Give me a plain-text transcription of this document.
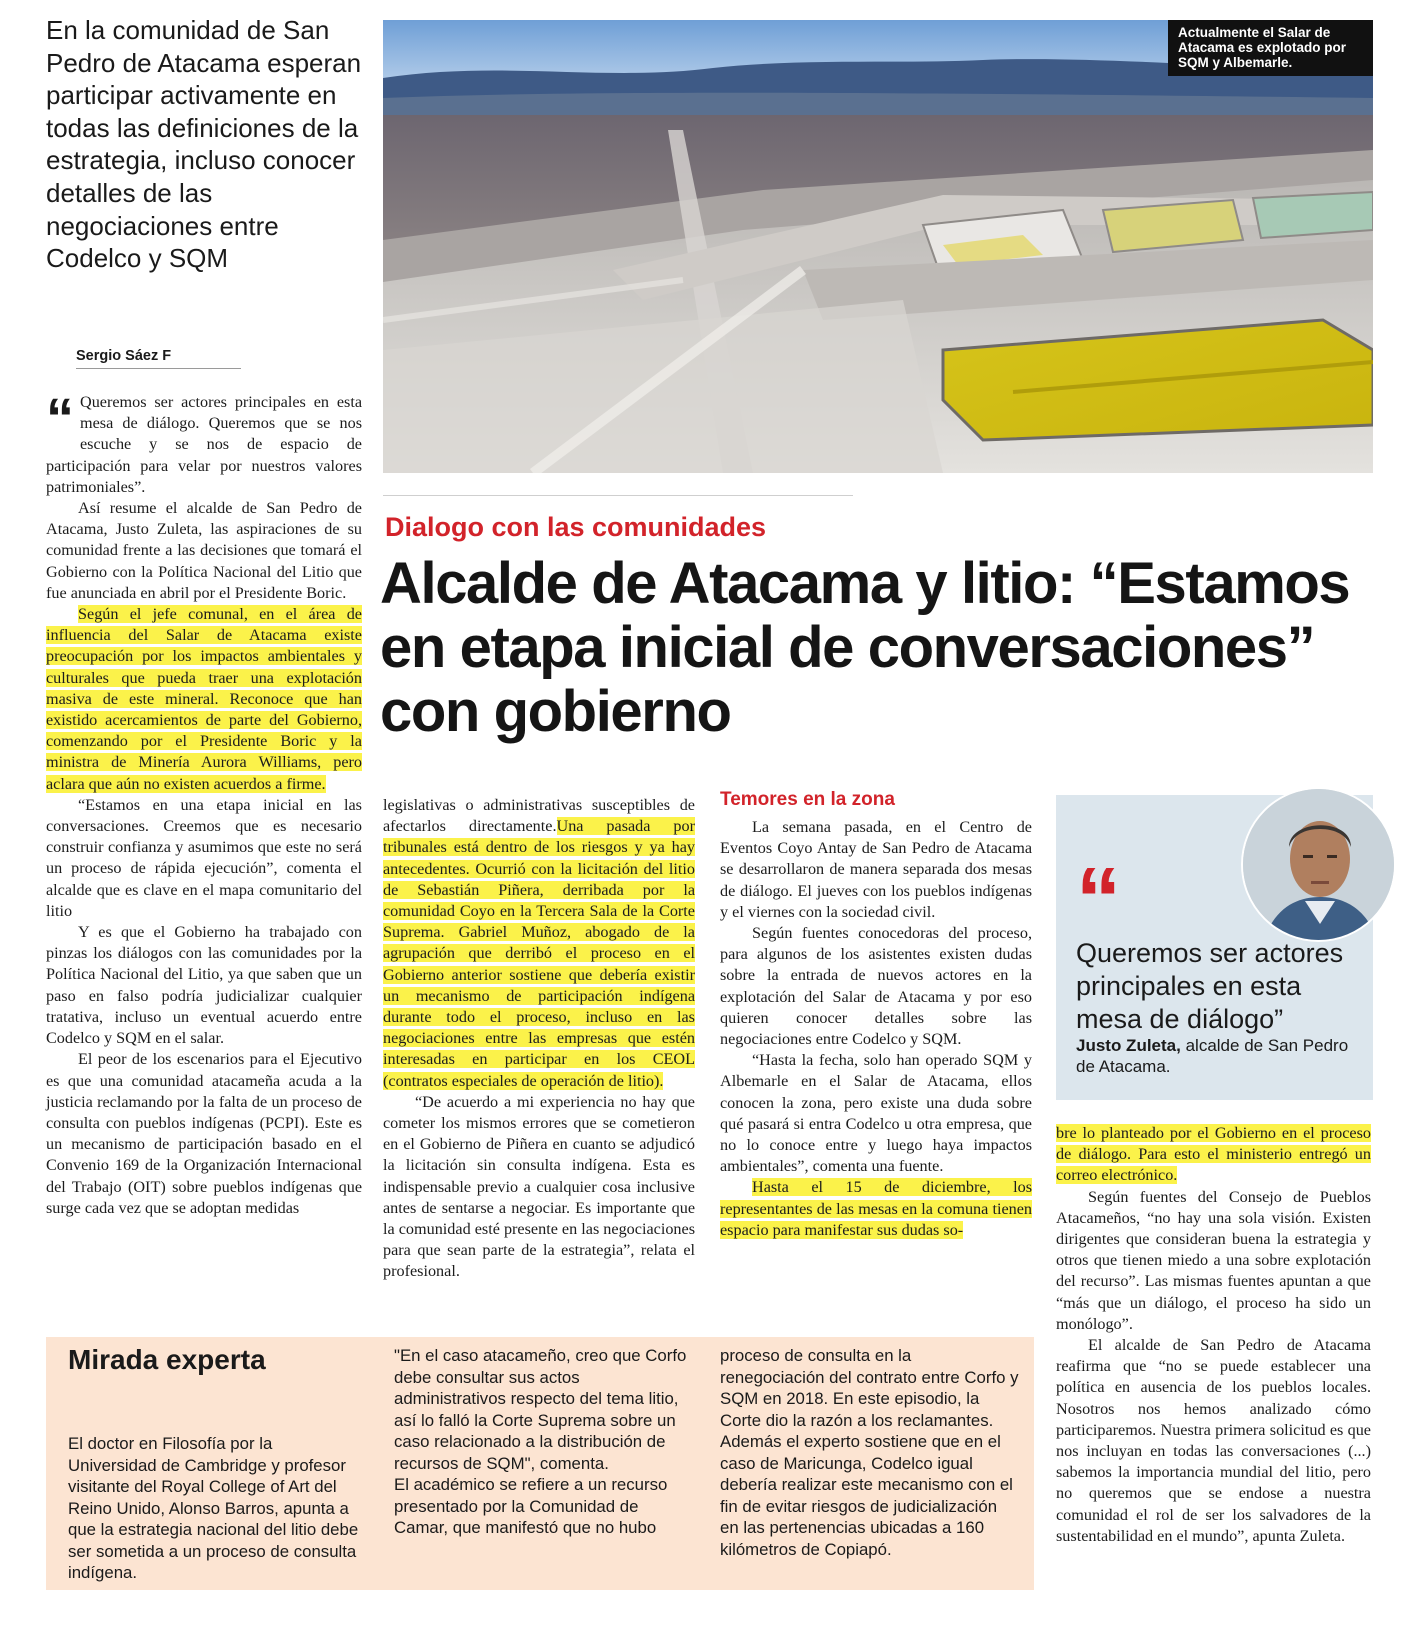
En la comunidad de San Pedro de Atacama esperan participar activamente en todas las definiciones de la estrategia, incluso conocer detalles de las negociaciones entre Codelco y SQM
Sergio Sáez F

“ Queremos ser actores principales en esta mesa de diálogo. Queremos que se nos escuche y se nos de espacio de participación para velar por nuestros valores patrimoniales”.

Así resume el alcalde de San Pedro de Atacama, Justo Zuleta, las aspiraciones de su comunidad frente a las decisiones que tomará el Gobierno con la Política Nacional del Litio que fue anunciada en abril por el Presidente Boric.

Según el jefe comunal, en el área de influencia del Salar de Atacama existe preocupación por los impactos ambientales y culturales que pueda traer una explotación masiva de este mineral. Reconoce que han existido acercamientos de parte del Gobierno, comenzando por el Presidente Boric y la ministra de Minería Aurora Williams, pero aclara que aún no existen acuerdos a firme.

“Estamos en una etapa inicial en las conversaciones. Creemos que es necesario construir confianza y asumimos que este no será un proceso de rápida ejecución”, comenta el alcalde que es clave en el mapa comunitario del litio

Y es que el Gobierno ha trabajado con pinzas los diálogos con las comunidades por la Política Nacional del Litio, ya que saben que un paso en falso podría judicializar cualquier tratativa, incluso un eventual acuerdo entre Codelco y SQM en el salar.

El peor de los escenarios para el Ejecutivo es que una comunidad atacameña acuda a la justicia reclamando por la falta de un proceso de consulta con pueblos indígenas (PCPI). Este es un mecanismo de participación basado en el Convenio 169 de la Organización Internacional del Trabajo (OIT) sobre pueblos indígenas que surge cada vez que se adoptan medidas

Actualmente el Salar de Atacama es explotado por SQM y Albemarle.
Dialogo con las comunidades
Alcalde de Atacama y litio: “Estamos en etapa inicial de conversaciones” con gobierno

legislativas o administrativas susceptibles de afectarlos directamente.Una pasada por tribunales está dentro de los riesgos y ya hay antecedentes. Ocurrió con la licitación del litio de Sebastián Piñera, derribada por la comunidad Coyo en la Tercera Sala de la Corte Suprema. Gabriel Muñoz, abogado de la agrupación que derribó el proceso en el Gobierno anterior sostiene que debería existir un mecanismo de participación indígena durante todo el proceso, incluso en las negociaciones entre las empresas que estén interesadas en participar en los CEOL (contratos especiales de operación de litio).

“De acuerdo a mi experiencia no hay que cometer los mismos errores que se cometieron en el Gobierno de Piñera en cuanto se adjudicó la licitación sin consulta indígena. Esta es indispensable previo a cualquier cosa inclusive antes de sentarse a negociar. Es importante que la comunidad esté presente en las negociaciones para que sean parte de la estrategia”, relata el profesional.

Temores en la zona

La semana pasada, en el Centro de Eventos Coyo Antay de San Pedro de Atacama se desarrollaron de manera separada dos mesas de diálogo. El jueves con los pueblos indígenas y el viernes con la sociedad civil.

Según fuentes conocedoras del proceso, para algunos de los asistentes existen dudas sobre la entrada de nuevos actores en la explotación del Salar de Atacama y por eso quieren conocer detalles sobre las negociaciones entre Codelco y SQM.

“Hasta la fecha, solo han operado SQM y Albemarle en el Salar de Atacama, ellos conocen la zona, pero existe una duda sobre qué pasará si entra Codelco u otra empresa, que no lo conoce entre y luego haya impactos ambientales”, comenta una fuente.

Hasta el 15 de diciembre, los representantes de las mesas en la comuna tienen espacio para manifestar sus dudas so-

“
Queremos ser actores principales en esta mesa de diálogo”
Justo Zuleta, alcalde de San Pedro de Atacama.

bre lo planteado por el Gobierno en el proceso de diálogo. Para esto el ministerio entregó un correo electrónico.

Según fuentes del Consejo de Pueblos Atacameños, “no hay una sola visión. Existen dirigentes que consideran buena la estrategia y otros que tienen miedo a una sobre explotación del recurso”. Las mismas fuentes apuntan a que “más que un diálogo, el proceso ha sido un monólogo”.

El alcalde de San Pedro de Atacama reafirma que “no se puede establecer una política en ausencia de los pueblos locales. Nosotros nos hemos analizado cómo participaremos. Nuestra primera solicitud es que nos incluyan en todas las conversaciones (...) sabemos la importancia mundial del litio, pero no queremos que se endose a nuestra comunidad el rol de ser los salvadores de la sustentabilidad en el mundo”, apunta Zuleta.

Mirada experta
El doctor en Filosofía por la Universidad de Cambridge y profesor visitante del Royal College of Art del Reino Unido, Alonso Barros, apunta a que la estrategia nacional del litio debe ser sometida a un proceso de consulta indígena.
"En el caso atacameño, creo que Corfo debe consultar sus actos administrativos respecto del tema litio, así lo falló la Corte Suprema sobre un caso relacionado a la distribución de recursos de SQM", comenta.
El académico se refiere a un recurso presentado por la Comunidad de Camar, que manifestó que no hubo
proceso de consulta en la renegociación del contrato entre Corfo y SQM en 2018. En este episodio, la Corte dio la razón a los reclamantes. Además el experto sostiene que en el caso de Maricunga, Codelco igual debería realizar este mecanismo con el fin de evitar riesgos de judicialización en las pertenencias ubicadas a 160 kilómetros de Copiapó.
